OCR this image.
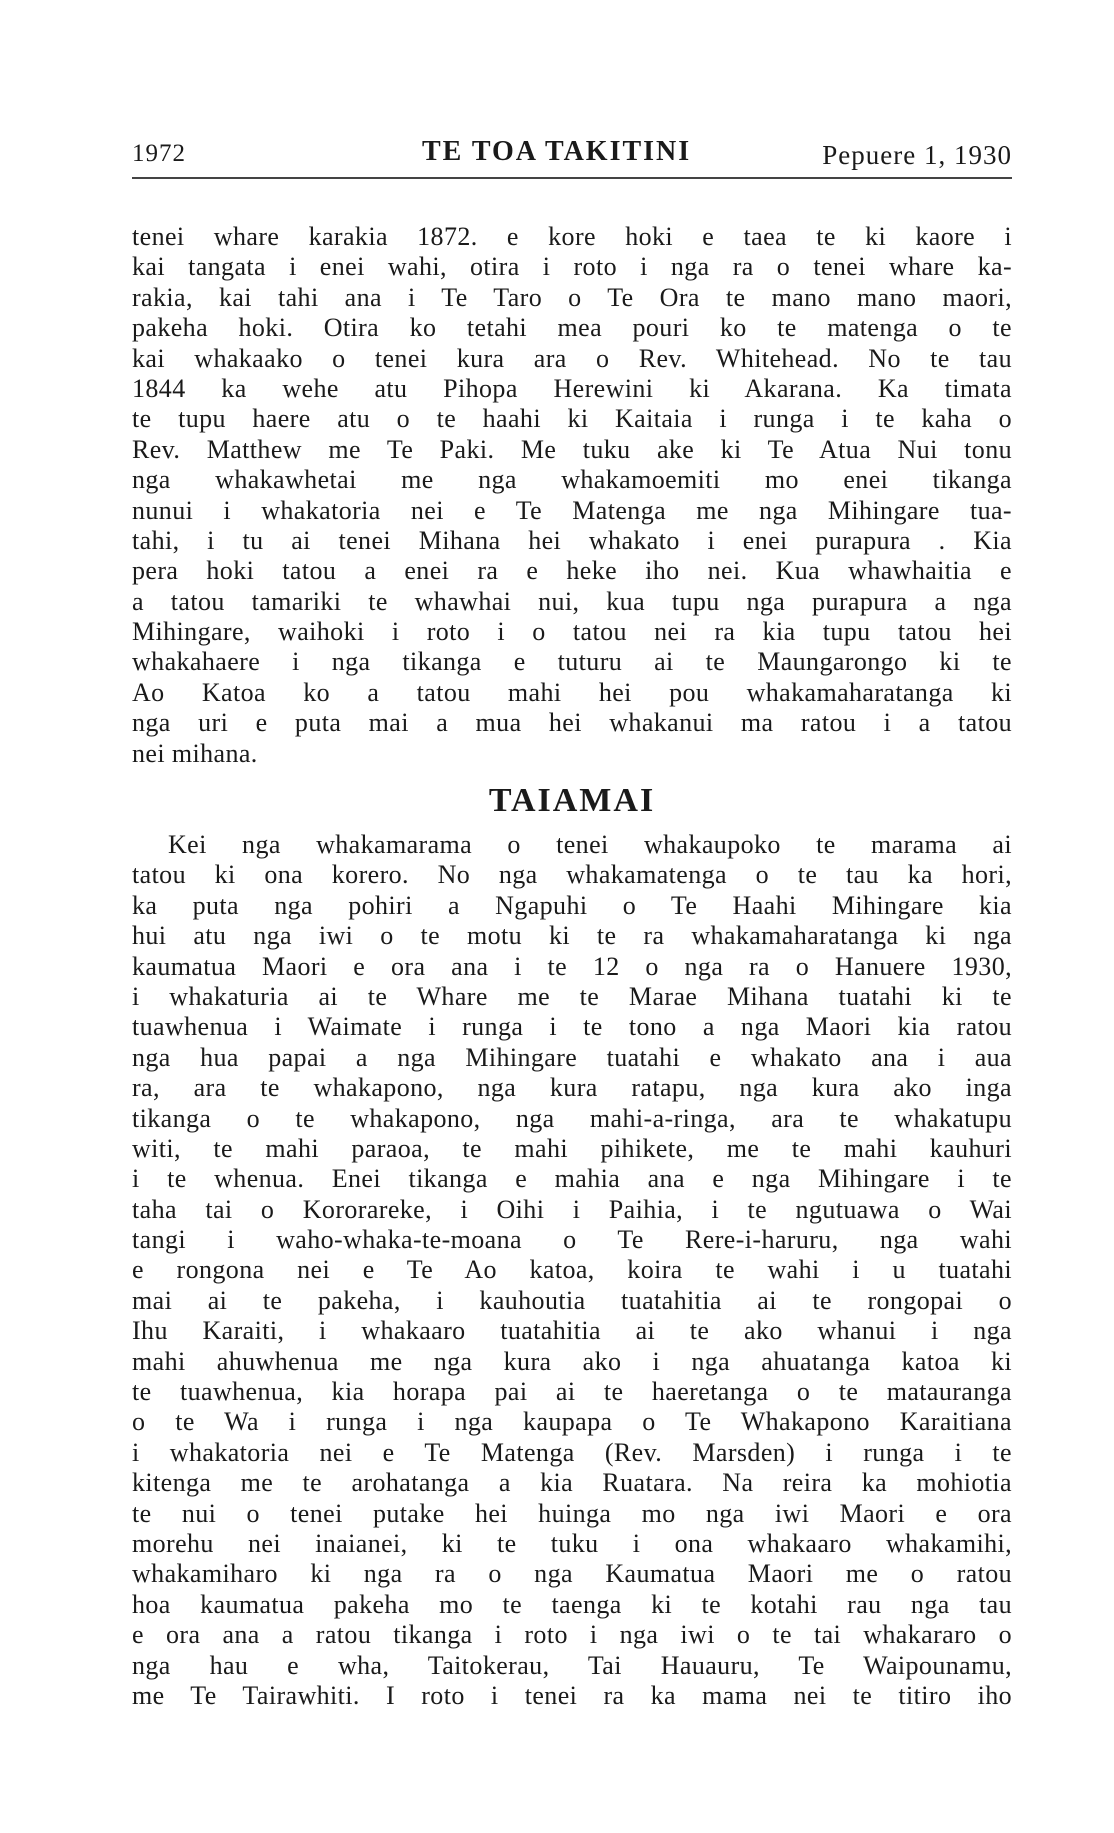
1972	TE TOA TAKITINI	Pepuere 1, 1930
tenei whare karakia 1872. e kore hoki e taea te ki kaore i
kai tangata i enei wahi, otira i roto i nga ra o tenei whare ka-
rakia, kai tahi ana i Te Taro o Te Ora te mano mano maori,
pakeha hoki. Otira ko tetahi mea pouri ko te matenga o te
kai whakaako o tenei kura ara o Rev. Whitehead. No te tau
1844 ka wehe atu Pihopa Herewini ki Akarana. Ka timata
te tupu haere atu o te haahi ki Kaitaia i runga i te kaha o
Rev. Matthew me Te Paki. Me tuku ake ki Te Atua Nui tonu
nga whakawhetai me nga whakamoemiti mo enei tikanga
nunui i whakatoria nei e Te Matenga me nga Mihingare tua-
tahi, i tu ai tenei Mihana hei whakato i enei purapura . Kia
pera hoki tatou a enei ra e heke iho nei. Kua whawhaitia e
a tatou tamariki te whawhai nui, kua tupu nga purapura a nga
Mihingare, waihoki i roto i o tatou nei ra kia tupu tatou hei
whakahaere i nga tikanga e tuturu ai te Maungarongo ki te
Ao Katoa ko a tatou mahi hei pou whakamaharatanga ki
nga uri e puta mai a mua hei whakanui ma ratou i a tatou
nei mihana.
TAIAMAI
Kei nga whakamarama o tenei whakaupoko te marama ai
tatou ki ona korero. No nga whakamatenga o te tau ka hori,
ka puta nga pohiri a Ngapuhi o Te Haahi Mihingare kia
hui atu nga iwi o te motu ki te ra whakamaharatanga ki nga
kaumatua Maori e ora ana i te 12 o nga ra o Hanuere 1930,
i whakaturia ai te Whare me te Marae Mihana tuatahi ki te
tuawhenua i Waimate i runga i te tono a nga Maori kia ratou
nga hua papai a nga Mihingare tuatahi e whakato ana i aua
ra, ara te whakapono, nga kura ratapu, nga kura ako inga
tikanga o te whakapono, nga mahi-a-ringa, ara te whakatupu
witi, te mahi paraoa, te mahi pihikete, me te mahi kauhuri
i te whenua. Enei tikanga e mahia ana e nga Mihingare i te
taha tai o Kororareke, i Oihi i Paihia, i te ngutuawa o Wai
tangi i waho-whaka-te-moana o Te Rere-i-haruru, nga wahi
e rongona nei e Te Ao katoa, koira te wahi i u tuatahi
mai ai te pakeha, i kauhoutia tuatahitia ai te rongopai o
Ihu Karaiti, i whakaaro tuatahitia ai te ako whanui i nga
mahi ahuwhenua me nga kura ako i nga ahuatanga katoa ki
te tuawhenua, kia horapa pai ai te haeretanga o te matauranga
o te Wa i runga i nga kaupapa o Te Whakapono Karaitiana
i whakatoria nei e Te Matenga (Rev. Marsden) i runga i te
kitenga me te arohatanga a kia Ruatara. Na reira ka mohiotia
te nui o tenei putake hei huinga mo nga iwi Maori e ora
morehu nei inaianei, ki te tuku i ona whakaaro whakamihi,
whakamiharo ki nga ra o nga Kaumatua Maori me o ratou
hoa kaumatua pakeha mo te taenga ki te kotahi rau nga tau
e ora ana a ratou tikanga i roto i nga iwi o te tai whakararo o
nga hau e wha, Taitokerau, Tai Hauauru, Te Waipounamu,
me Te Tairawhiti. I roto i tenei ra ka mama nei te titiro iho
